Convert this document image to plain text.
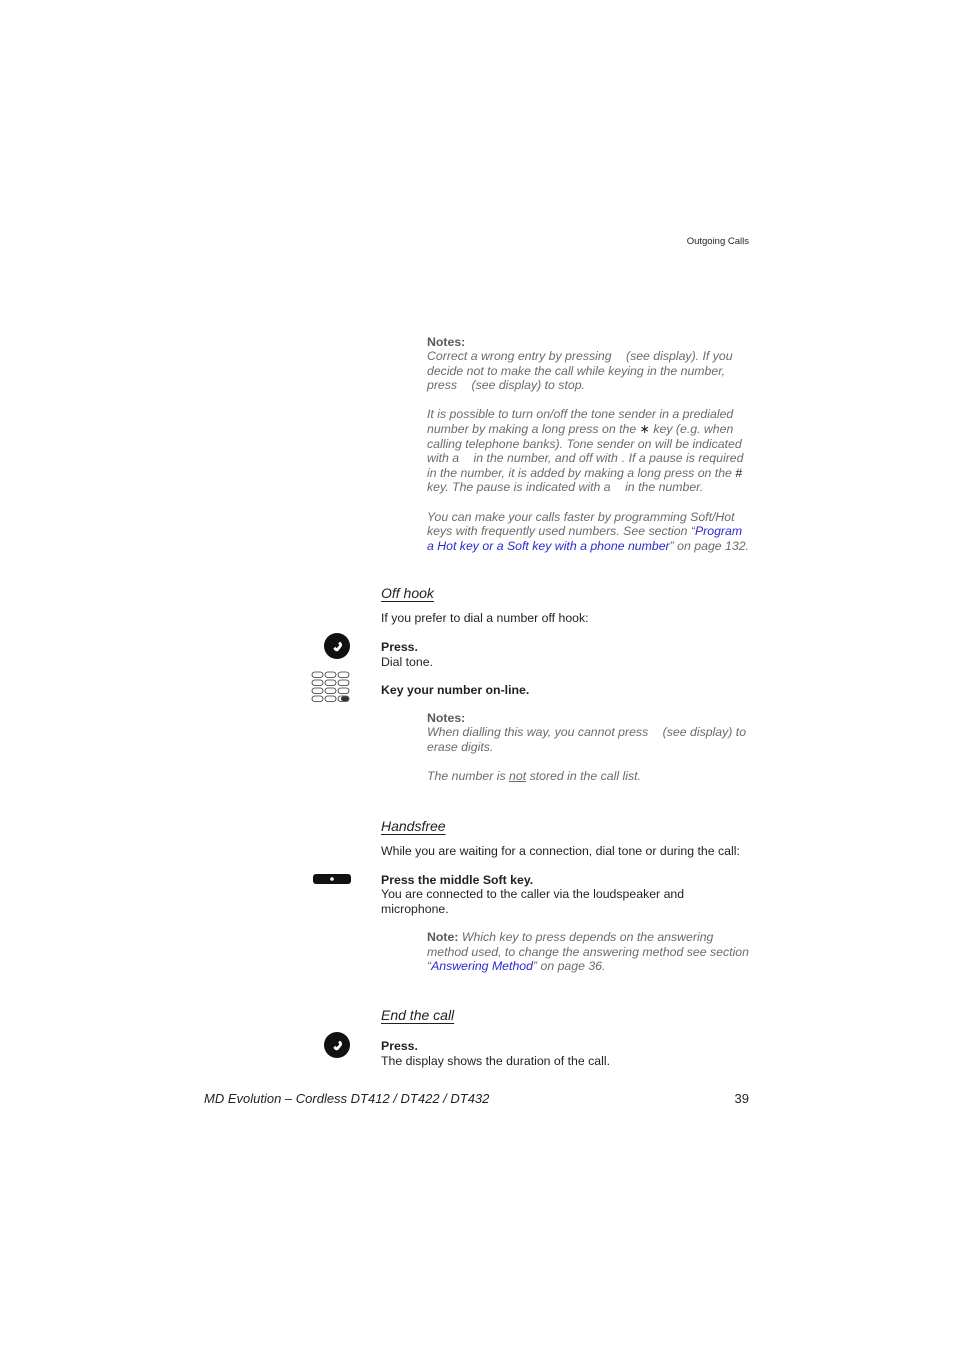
Outgoing Calls
Notes:

Correct a wrong entry by pressing (see display). If you decide not to make the call while keying in the number, press (see display) to stop.

It is possible to turn on/off the tone sender in a predialed number by making a long press on the ∗ key (e.g. when calling telephone banks). Tone sender on will be indicated with a in the number, and off with . If a pause is required in the number, it is added by making a long press on the # key. The pause is indicated with a in the number.

You can make your calls faster by programming Soft/Hot keys with frequently used numbers. See section “Program a Hot key or a Soft key with a phone number” on page 132.

Off hook
If you prefer to dial a number off hook:
Press.
Dial tone.
Key your number on-line.
Notes:

When dialling this way, you cannot press (see display) to erase digits.

The number is not stored in the call list.

Handsfree
While you are waiting for a connection, dial tone or during the call:
Press the middle Soft key.
You are connected to the caller via the loudspeaker and microphone.
Note: Which key to press depends on the answering method used, to change the answering method see section “Answering Method” on page 36.
End the call
Press.
The display shows the duration of the call.
MD Evolution – Cordless DT412 / DT422 / DT432	39
